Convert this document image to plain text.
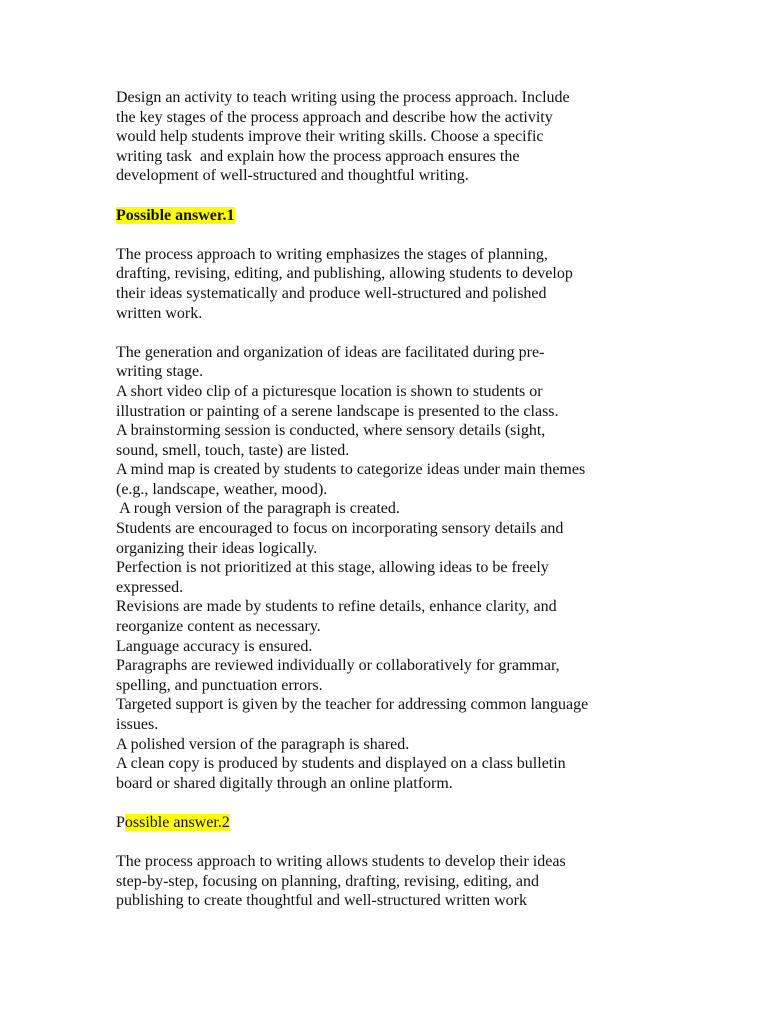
Design an activity to teach writing using the process approach. Include
the key stages of the process approach and describe how the activity
would help students improve their writing skills. Choose a specific
writing task  and explain how the process approach ensures the
development of well-structured and thoughtful writing.
Possible answer.1
The process approach to writing emphasizes the stages of planning,
drafting, revising, editing, and publishing, allowing students to develop
their ideas systematically and produce well-structured and polished
written work.
The generation and organization of ideas are facilitated during pre-
writing stage.
A short video clip of a picturesque location is shown to students or
illustration or painting of a serene landscape is presented to the class.
A brainstorming session is conducted, where sensory details (sight,
sound, smell, touch, taste) are listed.
A mind map is created by students to categorize ideas under main themes
(e.g., landscape, weather, mood).
A rough version of the paragraph is created.
Students are encouraged to focus on incorporating sensory details and
organizing their ideas logically.
Perfection is not prioritized at this stage, allowing ideas to be freely
expressed.
Revisions are made by students to refine details, enhance clarity, and
reorganize content as necessary.
Language accuracy is ensured.
Paragraphs are reviewed individually or collaboratively for grammar,
spelling, and punctuation errors.
Targeted support is given by the teacher for addressing common language
issues.
A polished version of the paragraph is shared.
A clean copy is produced by students and displayed on a class bulletin
board or shared digitally through an online platform.
Possible answer.2
The process approach to writing allows students to develop their ideas
step-by-step, focusing on planning, drafting, revising, editing, and
publishing to create thoughtful and well-structured written work
